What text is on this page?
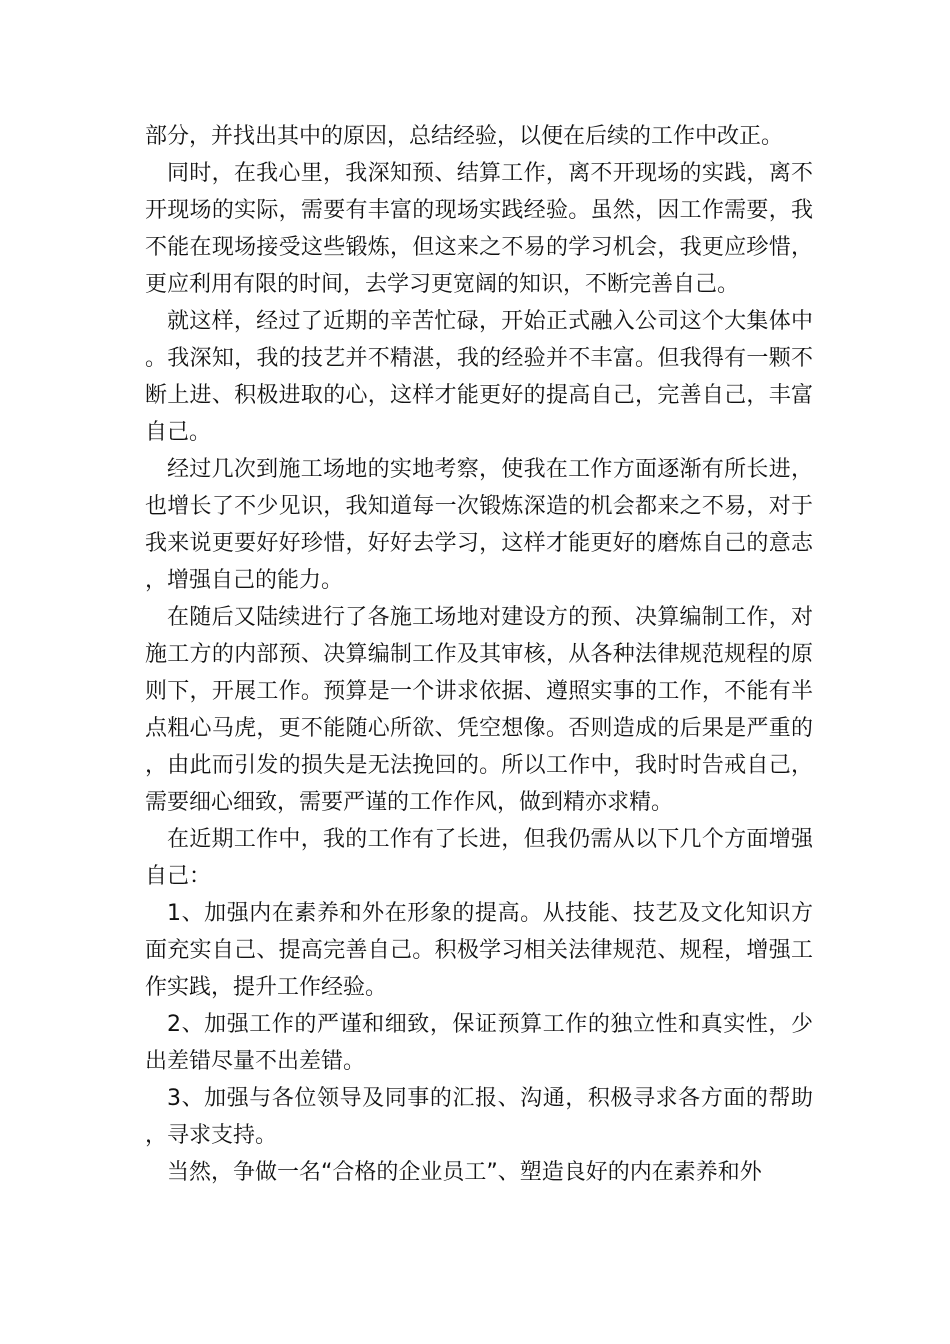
部分，并找出其中的原因，总结经验，以便在后续的工作中改正。

同时，在我心里，我深知预、结算工作，离不开现场的实践，离不开现场的实际，需要有丰富的现场实践经验。虽然，因工作需要，我不能在现场接受这些锻炼，但这来之不易的学习机会，我更应珍惜，更应利用有限的时间，去学习更宽阔的知识，不断完善自己。

就这样，经过了近期的辛苦忙碌，开始正式融入公司这个大集体中。我深知，我的技艺并不精湛，我的经验并不丰富。但我得有一颗不断上进、积极进取的心，这样才能更好的提高自己，完善自己，丰富自己。

经过几次到施工场地的实地考察，使我在工作方面逐渐有所长进，也增长了不少见识，我知道每一次锻炼深造的机会都来之不易，对于我来说更要好好珍惜，好好去学习，这样才能更好的磨炼自己的意志，增强自己的能力。

在随后又陆续进行了各施工场地对建设方的预、决算编制工作，对施工方的内部预、决算编制工作及其审核，从各种法律规范规程的原则下，开展工作。预算是一个讲求依据、遵照实事的工作，不能有半点粗心马虎，更不能随心所欲、凭空想像。否则造成的后果是严重的，由此而引发的损失是无法挽回的。所以工作中，我时时告戒自己，需要细心细致，需要严谨的工作作风，做到精亦求精。

在近期工作中，我的工作有了长进，但我仍需从以下几个方面增强自己：

1、加强内在素养和外在形象的提高。从技能、技艺及文化知识方面充实自己、提高完善自己。积极学习相关法律规范、规程，增强工作实践，提升工作经验。

2、加强工作的严谨和细致，保证预算工作的独立性和真实性，少出差错尽量不出差错。

3、加强与各位领导及同事的汇报、沟通，积极寻求各方面的帮助，寻求支持。

当然，争做一名“合格的企业员工”、塑造良好的内在素养和外
